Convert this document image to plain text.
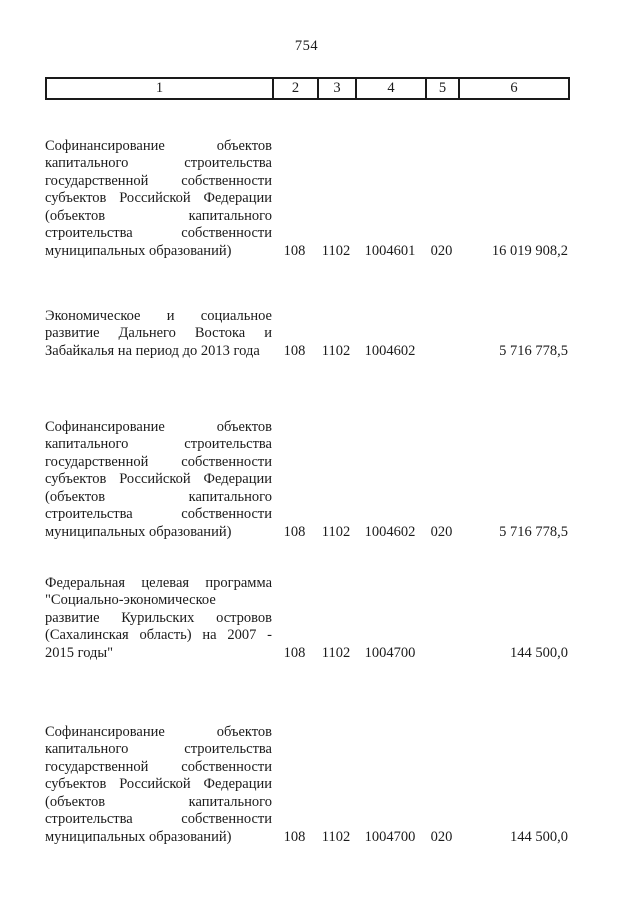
754
1	2	3	4	5	6
Софинансирование объектов капитального строительства государственной собственности субъектов Российской Федерации (объектов капитального строительства собственности муниципальных образований)	108	1102	1004601	020	16 019 908,2
Экономическое и социальное развитие Дальнего Востока и Забайкалья на период до 2013 года	108	1102	1004602		5 716 778,5
Софинансирование объектов капитального строительства государственной собственности субъектов Российской Федерации (объектов капитального строительства собственности муниципальных образований)	108	1102	1004602	020	5 716 778,5
Федеральная целевая программа "Социально-экономическое развитие Курильских островов (Сахалинская область) на 2007 - 2015 годы"	108	1102	1004700		144 500,0
Софинансирование объектов капитального строительства государственной собственности субъектов Российской Федерации (объектов капитального строительства собственности муниципальных образований)	108	1102	1004700	020	144 500,0
